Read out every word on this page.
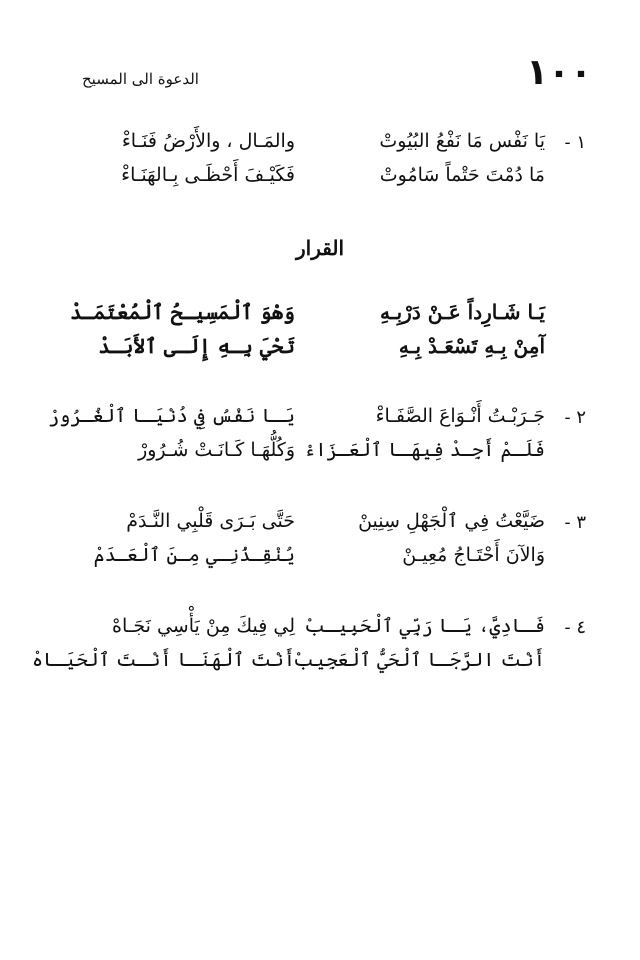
١٠٠
الدعوة الى المسيح
١ -
يَا نَفْس مَا نَفْعُ البُيُوتْ
والمَـال ، والأَرْضُ فَنَـاءْ
مَا دُمْتَ حَتْماً سَامُوتْ
فَكَيْـفَ أَحْظَـى بِـالهَنَـاءْ
القرار
يَـا شَـارِداً عَـنْ دَرْبِـهِ
وَهْوَ ٱلْمَسِيـحُ ٱلْمُعْتَمَـدْ
آمِنْ بِـهِ تَسْعَـدْ بِـهِ
تَحْيَ بِـهِ إِلَـى ٱلأَبَـدْ
٢ -
جَـرَبْـتُ أَنْـوَاعَ الصَّفَـاءْ
يَـا نَفْسُ فِي دُنْيَـا ٱلْغُـرُورْ
فَلَـمْ أَجِـدْ فِيهَـا ٱلْعَـزَاءْ
وَكُلُّهَـا كَـانَـتْ شُـرُورْ
٣ -
ضَيَّعْتُ فِي ٱلْجَهْلِ سِنِينْ
حَتَّى بَـرَى قَلْبِي النَّـدَمْ
وَالآنَ أَحْتَـاجُ مُعِيـنْ
يُنْقِـذُنِـي مِـنَ ٱلْعَـدَمْ
٤ -
فَـادِيَّ، يَـا رَبِّي ٱلْحَبِيـبْ
لِي فِيكَ مِنْ يَأْسِي نَجَـاهْ
أَنْتَ الرَّجَـا ٱلْحَيُّ ٱلْعَجِيبْ
أَنْتَ ٱلْهَنَـا أَنْـتَ ٱلْحَيَـاهْ
